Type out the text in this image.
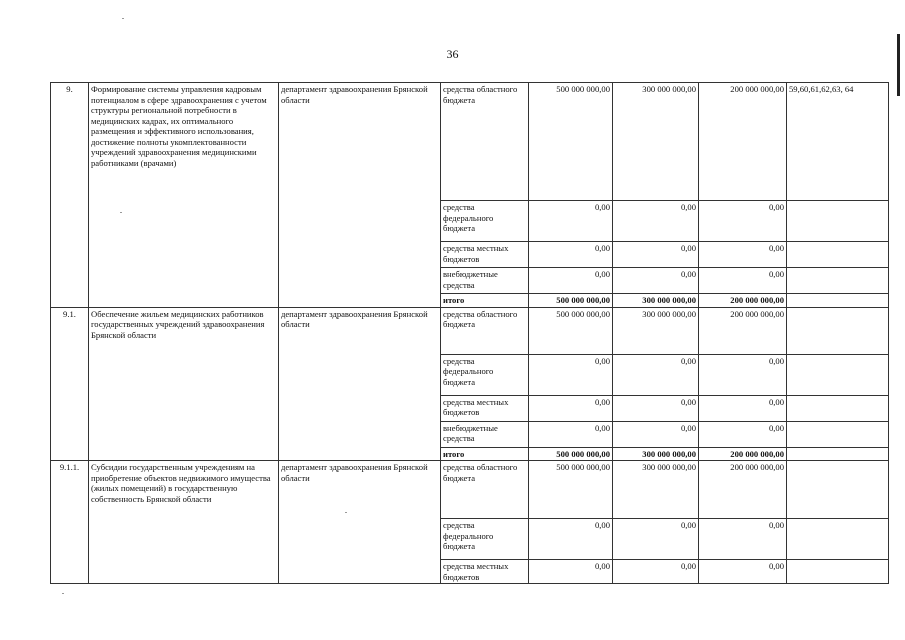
36
9.	Формирование системы управления кадровым потенциалом в сфере здравоохранения с учетом структуры региональной потребности в медицинских кадрах, их оптимального размещения и эффективного использования, достижение полноты укомплектованности учреждений здравоохранения медицинскими работниками (врачами)	департамент здравоохранения Брянской области	средства областного бюджета	500 000 000,00	300 000 000,00	200 000 000,00	59,60,61,62,63, 64
			средства федерального бюджета	0,00	0,00	0,00	
			средства местных бюджетов	0,00	0,00	0,00	
			внебюджетные средства	0,00	0,00	0,00	
			итого	500 000 000,00	300 000 000,00	200 000 000,00	
9.1.	Обеспечение жильем медицинских работников государственных учреждений здравоохранения Брянской области	департамент здравоохранения Брянской области	средства областного бюджета	500 000 000,00	300 000 000,00	200 000 000,00	
			средства федерального бюджета	0,00	0,00	0,00	
			средства местных бюджетов	0,00	0,00	0,00	
			внебюджетные средства	0,00	0,00	0,00	
			итого	500 000 000,00	300 000 000,00	200 000 000,00	
9.1.1.	Субсидии государственным учреждениям на приобретение объектов недвижимого имущества (жилых помещений) в государственную собственность Брянской области	департамент здравоохранения Брянской области	средства областного бюджета	500 000 000,00	300 000 000,00	200 000 000,00	
			средства федерального бюджета	0,00	0,00	0,00	
			средства местных бюджетов	0,00	0,00	0,00	
